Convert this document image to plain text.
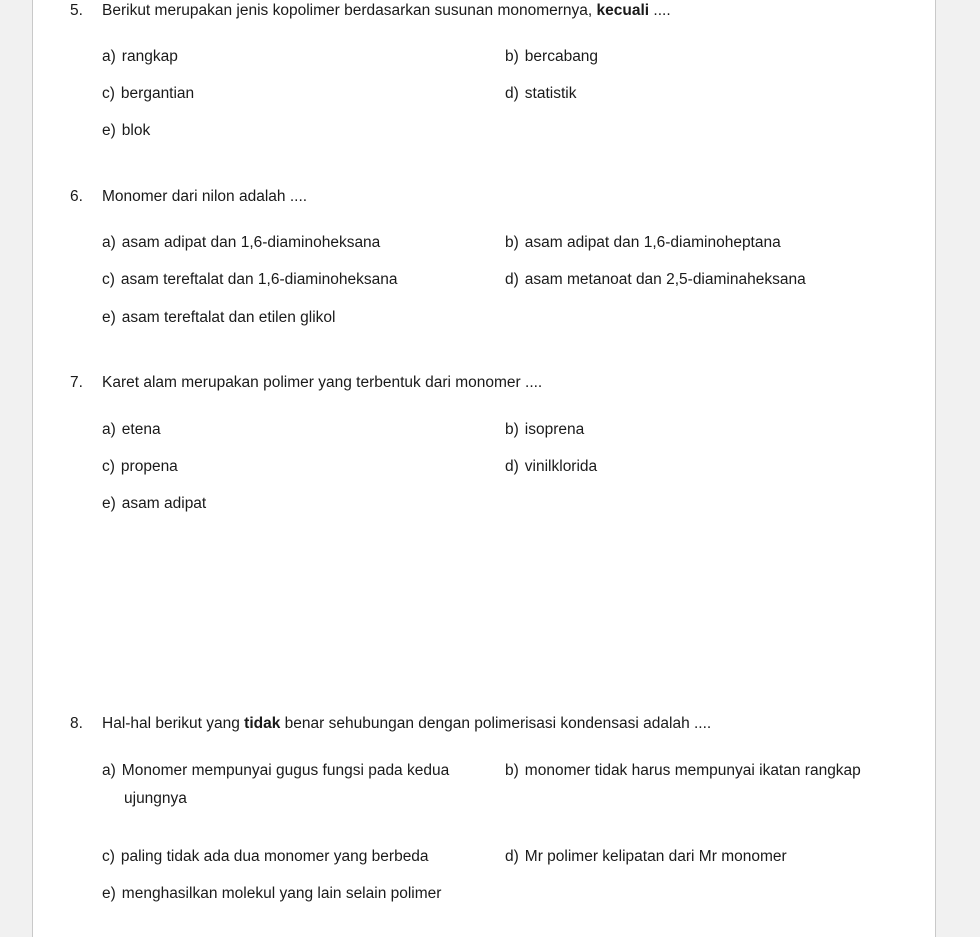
5. Berikut merupakan jenis kopolimer berdasarkan susunan monomernya, kecuali ....
a) rangkap	b) bercabang
c) bergantian	d) statistik
e) blok
6. Monomer dari nilon adalah ....
a) asam adipat dan 1,6-diaminoheksana	b) asam adipat dan 1,6-diaminoheptana
c) asam tereftalat dan 1,6-diaminoheksana	d) asam metanoat dan 2,5-diaminaheksana
e) asam tereftalat dan etilen glikol
7. Karet alam merupakan polimer yang terbentuk dari monomer ....
a) etena	b) isoprena
c) propena	d) vinilklorida
e) asam adipat
8. Hal-hal berikut yang tidak benar sehubungan dengan polimerisasi kondensasi adalah ....
a) Monomer mempunyai gugus fungsi pada kedua
ujungnya
b) monomer tidak harus mempunyai ikatan rangkap
c) paling tidak ada dua monomer yang berbeda	d) Mr polimer kelipatan dari Mr monomer
e) menghasilkan molekul yang lain selain polimer
